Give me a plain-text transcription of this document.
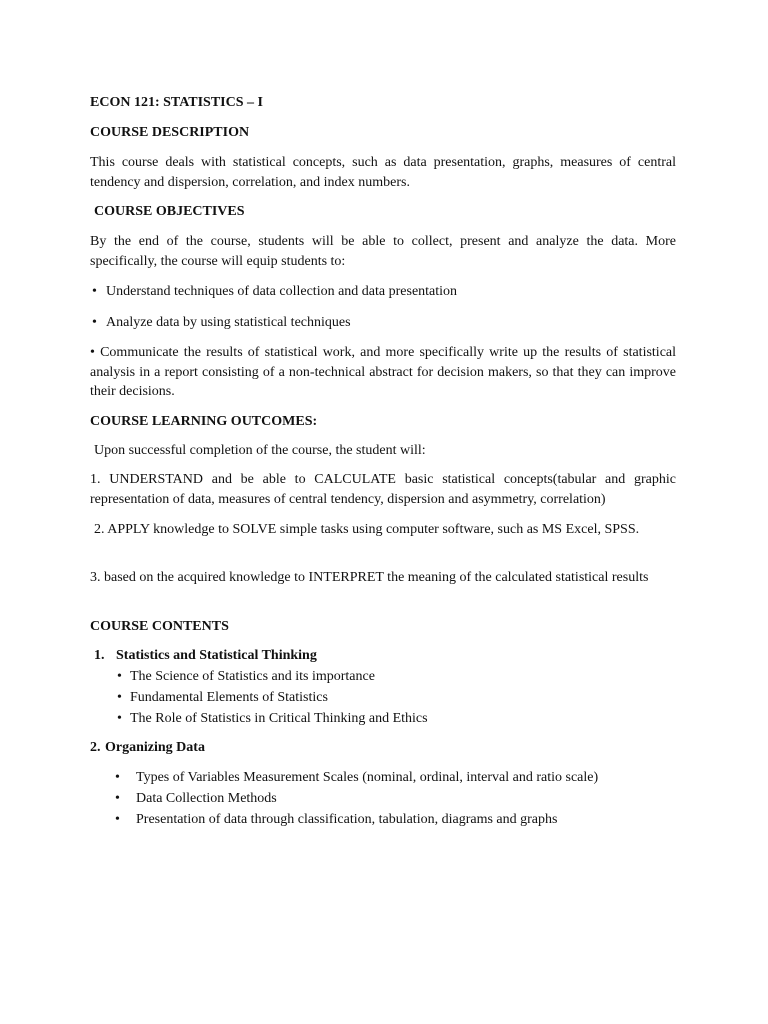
ECON 121: STATISTICS – I

COURSE DESCRIPTION

This course deals with statistical concepts, such as data presentation, graphs, measures of central tendency and dispersion, correlation, and index numbers.

COURSE OBJECTIVES

By the end of the course, students will be able to collect, present and analyze the data. More specifically, the course will equip students to:

• Understand techniques of data collection and data presentation

• Analyze data by using statistical techniques

• Communicate the results of statistical work, and more specifically write up the results of statistical analysis in a report consisting of a non-technical abstract for decision makers, so that they can improve their decisions.

COURSE LEARNING OUTCOMES:

Upon successful completion of the course, the student will:

1. UNDERSTAND and be able to CALCULATE basic statistical concepts(tabular and graphic representation of data, measures of central tendency, dispersion and asymmetry, correlation)

2. APPLY knowledge to SOLVE simple tasks using computer software, such as MS Excel, SPSS.

3. based on the acquired knowledge to INTERPRET the meaning of the calculated statistical results

COURSE CONTENTS

1. Statistics and Statistical Thinking

• The Science of Statistics and its importance

• Fundamental Elements of Statistics

• The Role of Statistics in Critical Thinking and Ethics

2. Organizing Data

• Types of Variables Measurement Scales (nominal, ordinal, interval and ratio scale)

• Data Collection Methods

• Presentation of data through classification, tabulation, diagrams and graphs
